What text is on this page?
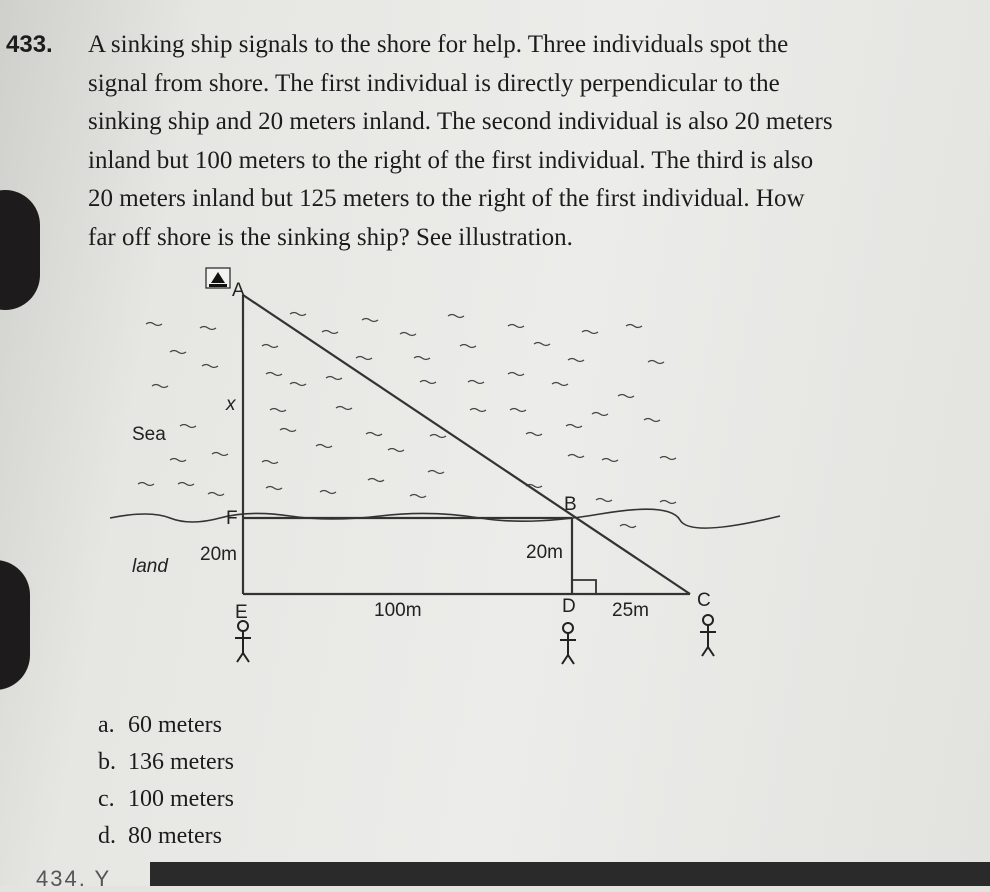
433. A sinking ship signals to the shore for help. Three individuals spot the
signal from shore. The first individual is directly perpendicular to the
sinking ship and 20 meters inland. The second individual is also 20 meters
inland but 100 meters to the right of the first individual. The third is also
20 meters inland but 125 meters to the right of the first individual. How
far off shore is the sinking ship? See illustration.
A
B
C
D
E
F
x
Sea
land
20m	20m
100m	25m
a. 60 meters
b. 136 meters
c. 100 meters
d. 80 meters
434. Y
